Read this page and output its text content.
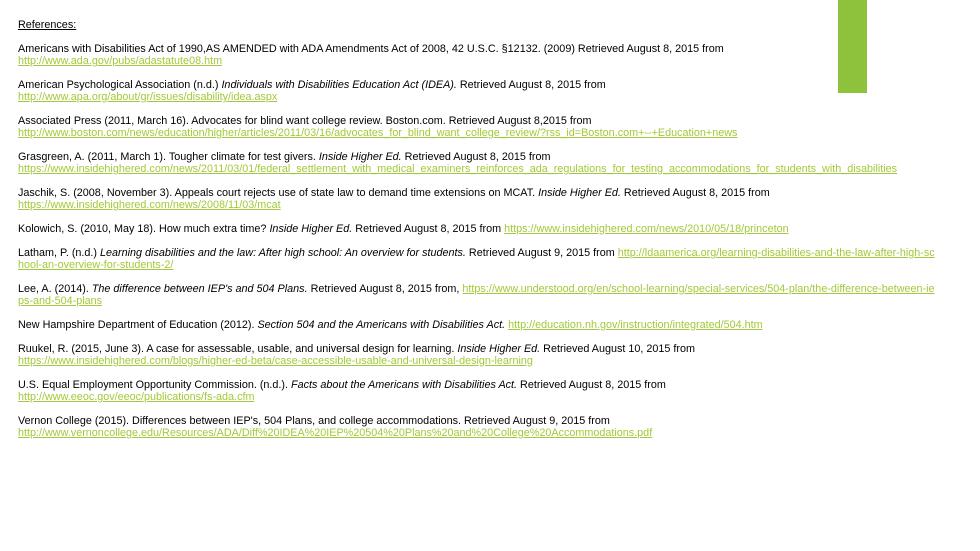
References:
Americans with Disabilities Act of 1990,AS AMENDED with ADA Amendments Act of 2008, 42 U.S.C. §12132. (2009) Retrieved August 8, 2015 from
http://www.ada.gov/pubs/adastatute08.htm
American Psychological Association (n.d.) Individuals with Disabilities Education Act (IDEA). Retrieved August 8, 2015 from
http://www.apa.org/about/gr/issues/disability/idea.aspx
Associated Press (2011, March 16). Advocates for blind want college review. Boston.com. Retrieved August 8,2015 from
http://www.boston.com/news/education/higher/articles/2011/03/16/advocates_for_blind_want_college_review/?rss_id=Boston.com+--+Education+news
Grasgreen, A. (2011, March 1). Tougher climate for test givers. Inside Higher Ed. Retrieved August 8, 2015 from
https://www.insidehighered.com/news/2011/03/01/federal_settlement_with_medical_examiners_reinforces_ada_regulations_for_testing_accommodations_for_students_with_disabilities
Jaschik, S. (2008, November 3). Appeals court rejects use of state law to demand time extensions on MCAT. Inside Higher Ed. Retrieved August 8, 2015 from
https://www.insidehighered.com/news/2008/11/03/mcat
Kolowich, S. (2010, May 18). How much extra time? Inside Higher Ed. Retrieved August 8, 2015 from https://www.insidehighered.com/news/2010/05/18/princeton
Latham, P. (n.d.) Learning disabilities and the law: After high school: An overview for students. Retrieved August 9, 2015 from http://ldaamerica.org/learning-disabilities-and-the-law-after-high-school-an-overview-for-students-2/
Lee, A. (2014). The difference between IEP's and 504 Plans. Retrieved August 8, 2015 from, https://www.understood.org/en/school-learning/special-services/504-plan/the-difference-between-ieps-and-504-plans
New Hampshire Department of Education (2012). Section 504 and the Americans with Disabilities Act. http://education.nh.gov/instruction/integrated/504.htm
Ruukel, R. (2015, June 3). A case for assessable, usable, and universal design for learning. Inside Higher Ed. Retrieved August 10, 2015 from
https://www.insidehighered.com/blogs/higher-ed-beta/case-accessible-usable-and-universal-design-learning
U.S. Equal Employment Opportunity Commission. (n.d.). Facts about the Americans with Disabilities Act. Retrieved August 8, 2015 from
http://www.eeoc.gov/eeoc/publications/fs-ada.cfm
Vernon College (2015). Differences between IEP's, 504 Plans, and college accommodations. Retrieved August 9, 2015 from
http://www.vernoncollege.edu/Resources/ADA/Diff%20IDEA%20IEP%20504%20Plans%20and%20College%20Accommodations.pdf
